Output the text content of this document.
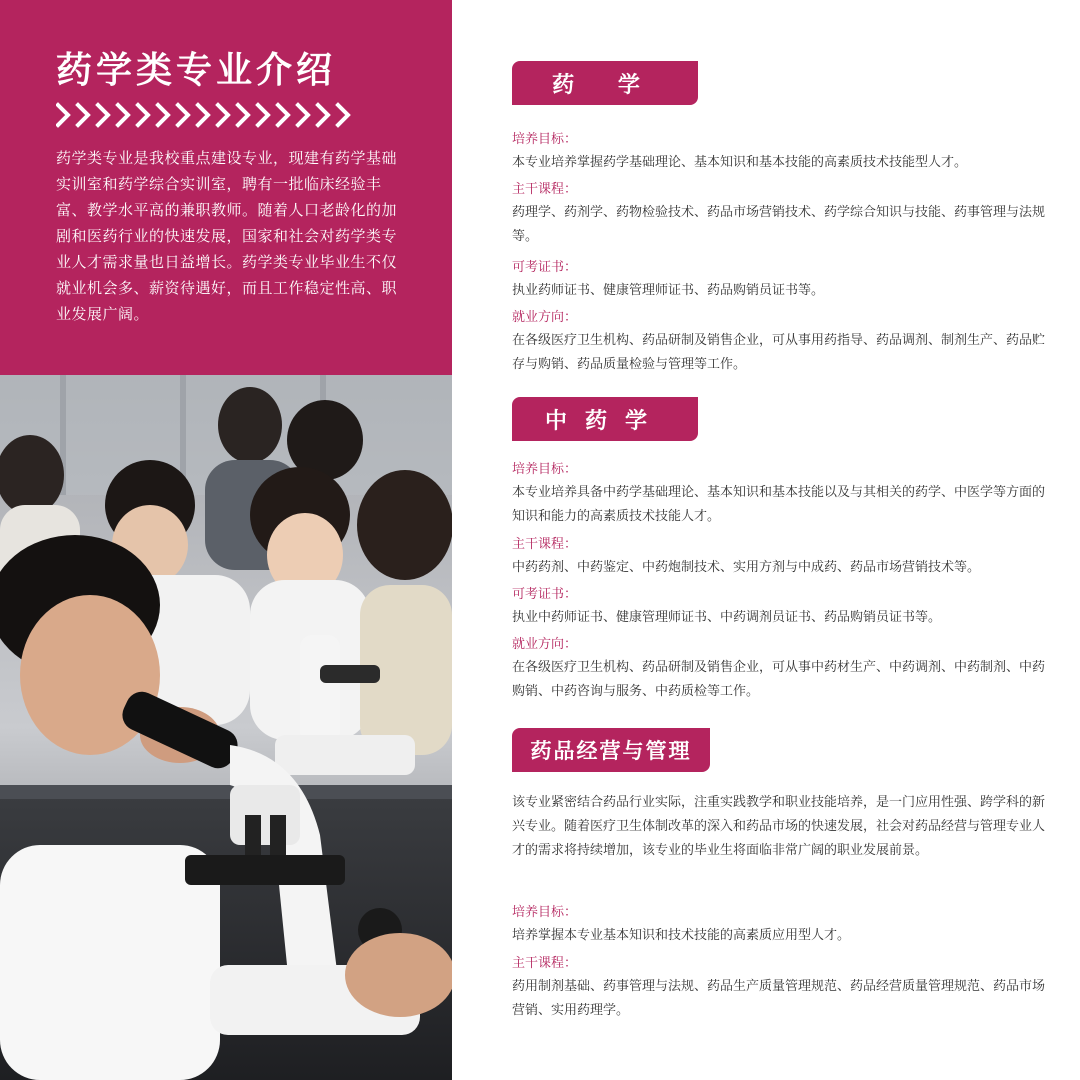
药学类专业介绍
药学类专业是我校重点建设专业，现建有药学基础实训室和药学综合实训室，聘有一批临床经验丰富、教学水平高的兼职教师。随着人口老龄化的加剧和医药行业的快速发展，国家和社会对药学类专业人才需求量也日益增长。药学类专业毕业生不仅就业机会多、薪资待遇好，而且工作稳定性高、职业发展广阔。
药 学
培养目标：
本专业培养掌握药学基础理论、基本知识和基本技能的高素质技术技能型人才。
主干课程：
药理学、药剂学、药物检验技术、药品市场营销技术、药学综合知识与技能、药事管理与法规等。
可考证书：
执业药师证书、健康管理师证书、药品购销员证书等。
就业方向：
在各级医疗卫生机构、药品研制及销售企业，可从事用药指导、药品调剂、制剂生产、药品贮存与购销、药品质量检验与管理等工作。
中药学
培养目标：
本专业培养具备中药学基础理论、基本知识和基本技能以及与其相关的药学、中医学等方面的知识和能力的高素质技术技能人才。
主干课程：
中药药剂、中药鉴定、中药炮制技术、实用方剂与中成药、药品市场营销技术等。
可考证书：
执业中药师证书、健康管理师证书、中药调剂员证书、药品购销员证书等。
就业方向：
在各级医疗卫生机构、药品研制及销售企业，可从事中药材生产、中药调剂、中药制剂、中药购销、中药咨询与服务、中药质检等工作。
药品经营与管理
该专业紧密结合药品行业实际，注重实践教学和职业技能培养，是一门应用性强、跨学科的新兴专业。随着医疗卫生体制改革的深入和药品市场的快速发展，社会对药品经营与管理专业人才的需求将持续增加，该专业的毕业生将面临非常广阔的职业发展前景。
培养目标：
培养掌握本专业基本知识和技术技能的高素质应用型人才。
主干课程：
药用制剂基础、药事管理与法规、药品生产质量管理规范、药品经营质量管理规范、药品市场营销、实用药理学。
